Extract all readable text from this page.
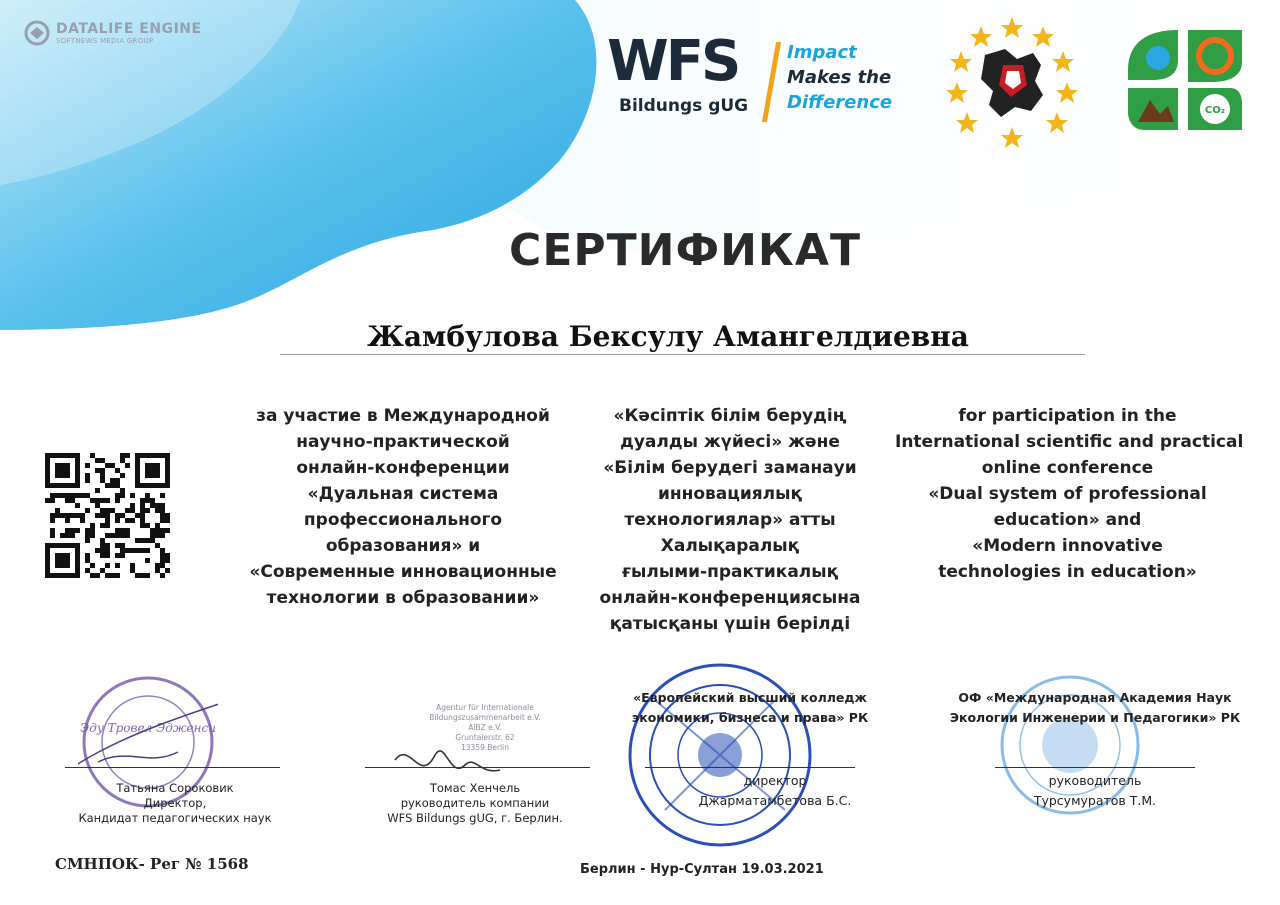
DATALIFE ENGINE
SOFTNEWS MEDIA GROUP	WFS
Bildungs gUG
Impact
Makes the
Difference	CO₂
СЕРТИФИКАТ
Жамбулова Бексулу Амангелдиевна
за участие в Международной
научно-практической
онлайн-конференции
«Дуальная система
профессионального
образования» и
«Современные инновационные
технологии в образовании»
«Кәсіптік білім берудің
дуалды жүйесі» және
«Білім берудегі заманауи
инновациялық
технологиялар» атты
Халықаралық
ғылыми-практикалық
онлайн-конференциясына
қатысқаны үшін берілді
for participation in the
International scientific and practical
online conference
«Dual system of professional
education» and
«Modern innovative
technologies in education»
Эду Тровел Эдженси
Татьяна Сороковик
Директор,
Кандидат педагогических наук
Agentur für Internationale
Bildungszusammenarbeit e.V.
AiBZ e.V.
Gruntalerstr. 62
13359 Berlin
Томас Хенчель
руководитель компании
WFS Bildungs gUG, г. Берлин.
«Европейский высший колледж
экономики, бизнеса и права» РК
директор
Джарматамбетова Б.С.
ОФ «Международная Академия Наук
Экологии Инженерии и Педагогики» РК
руководитель
Турсумуратов Т.М.
СМНПОК- Рег № 1568	Берлин - Нур-Султан 19.03.2021
